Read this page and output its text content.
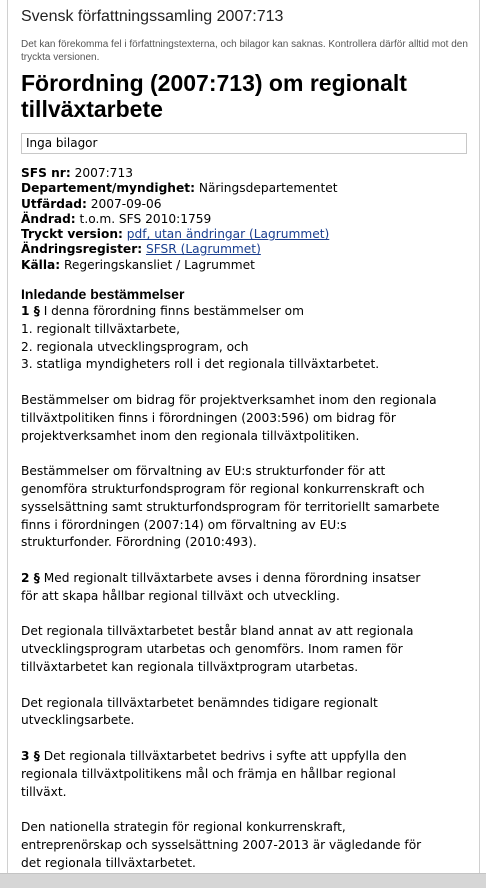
Svensk författningssamling 2007:713
Det kan förekomma fel i författningstexterna, och bilagor kan saknas. Kontrollera därför alltid mot den tryckta versionen.
Förordning (2007:713) om regionalt tillväxtarbete
Inga bilagor
SFS nr: 2007:713
Departement/myndighet: Näringsdepartementet
Utfärdad: 2007-09-06
Ändrad: t.o.m. SFS 2010:1759
Tryckt version: pdf, utan ändringar (Lagrummet)
Ändringsregister: SFSR (Lagrummet)
Källa: Regeringskansliet / Lagrummet
Inledande bestämmelser
1 § I denna förordning finns bestämmelser om
1. regionalt tillväxtarbete,
2. regionala utvecklingsprogram, och
3. statliga myndigheters roll i det regionala tillväxtarbetet.
Bestämmelser om bidrag för projektverksamhet inom den regionala
tillväxtpolitiken finns i förordningen (2003:596) om bidrag för
projektverksamhet inom den regionala tillväxtpolitiken.
Bestämmelser om förvaltning av EU:s strukturfonder för att
genomföra strukturfondsprogram för regional konkurrenskraft och
sysselsättning samt strukturfondsprogram för territoriellt samarbete
finns i förordningen (2007:14) om förvaltning av EU:s
strukturfonder. Förordning (2010:493).
2 § Med regionalt tillväxtarbete avses i denna förordning insatser
för att skapa hållbar regional tillväxt och utveckling.
Det regionala tillväxtarbetet består bland annat av att regionala
utvecklingsprogram utarbetas och genomförs. Inom ramen för
tillväxtarbetet kan regionala tillväxtprogram utarbetas.
Det regionala tillväxtarbetet benämndes tidigare regionalt
utvecklingsarbete.
3 § Det regionala tillväxtarbetet bedrivs i syfte att uppfylla den
regionala tillväxtpolitikens mål och främja en hållbar regional
tillväxt.
Den nationella strategin för regional konkurrenskraft,
entreprenörskap och sysselsättning 2007-2013 är vägledande för
det regionala tillväxtarbetet.
